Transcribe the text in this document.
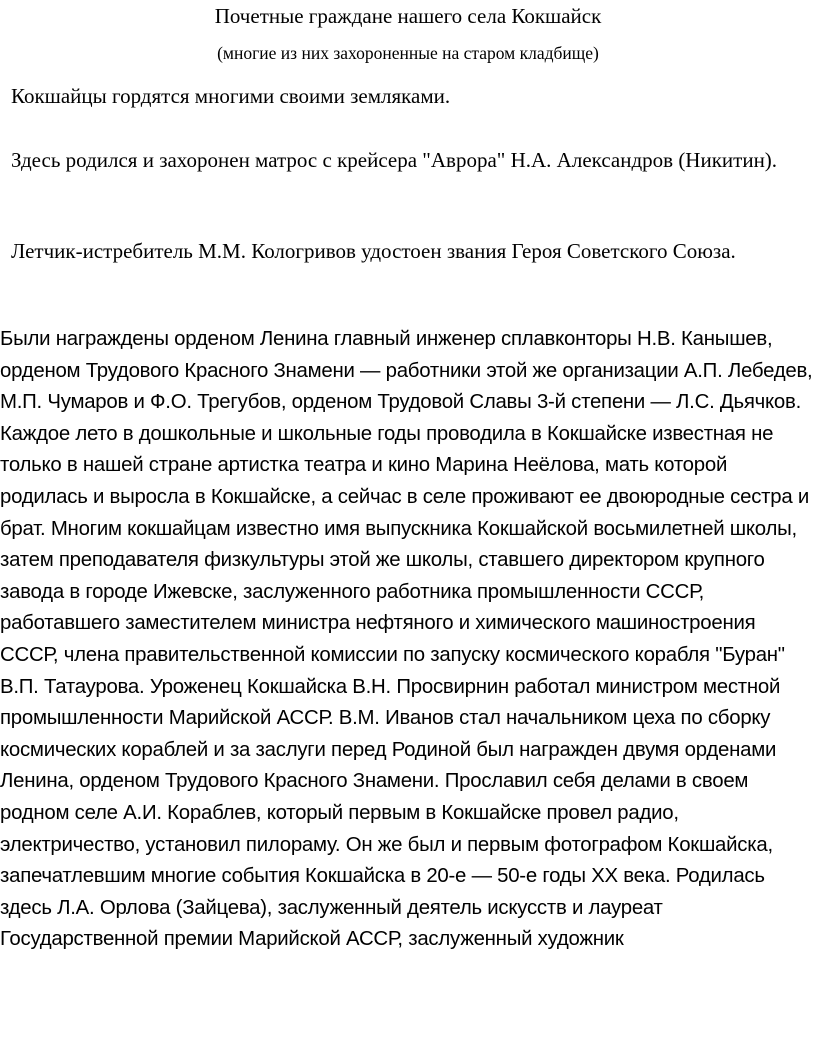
Почетные граждане нашего села Кокшайск
(многие из них захороненные на старом кладбище)

Кокшайцы гордятся многими своими земляками.

Здесь родился и захоронен матрос с крейсера "Аврора" Н.А. Александров (Никитин).

Летчик-истребитель М.М. Кологривов удостоен звания Героя Советского Союза.

Были награждены орденом Ленина главный инженер сплавконторы Н.В. Канышев, орденом Трудового Красного Знамени — работники этой же организации А.П. Лебедев, М.П. Чумаров и Ф.О. Трегубов, орденом Трудовой Славы 3-й степени — Л.С. Дьячков. Каждое лето в дошкольные и школьные годы проводила в Кокшайске известная не только в нашей стране артистка театра и кино Марина Неёлова, мать которой родилась и выросла в Кокшайске, а сейчас в селе проживают ее двоюродные сестра и брат. Многим кокшайцам известно имя выпускника Кокшайской восьмилетней школы, затем преподавателя физкультуры этой же школы, ставшего директором крупного завода в городе Ижевске, заслуженного работника промышленности СССР, работавшего заместителем министра нефтяного и химического машиностроения СССР, члена правительственной комиссии по запуску космического корабля "Буран" В.П. Татаурова. Уроженец Кокшайска В.Н. Просвирнин работал министром местной промышленности Марийской АССР. В.М. Иванов стал начальником цеха по сборку космических кораблей и за заслуги перед Родиной был награжден двумя орденами Ленина, орденом Трудового Красного Знамени. Прославил себя делами в своем родном селе А.И. Кораблев, который первым в Кокшайске провел радио, электричество, установил пилораму. Он же был и первым фотографом Кокшайска, запечатлевшим многие события Кокшайска в 20-е — 50-е годы XX века. Родилась здесь Л.А. Орлова (Зайцева), заслуженный деятель искусств и лауреат Государственной премии Марийской АССР, заслуженный художник
